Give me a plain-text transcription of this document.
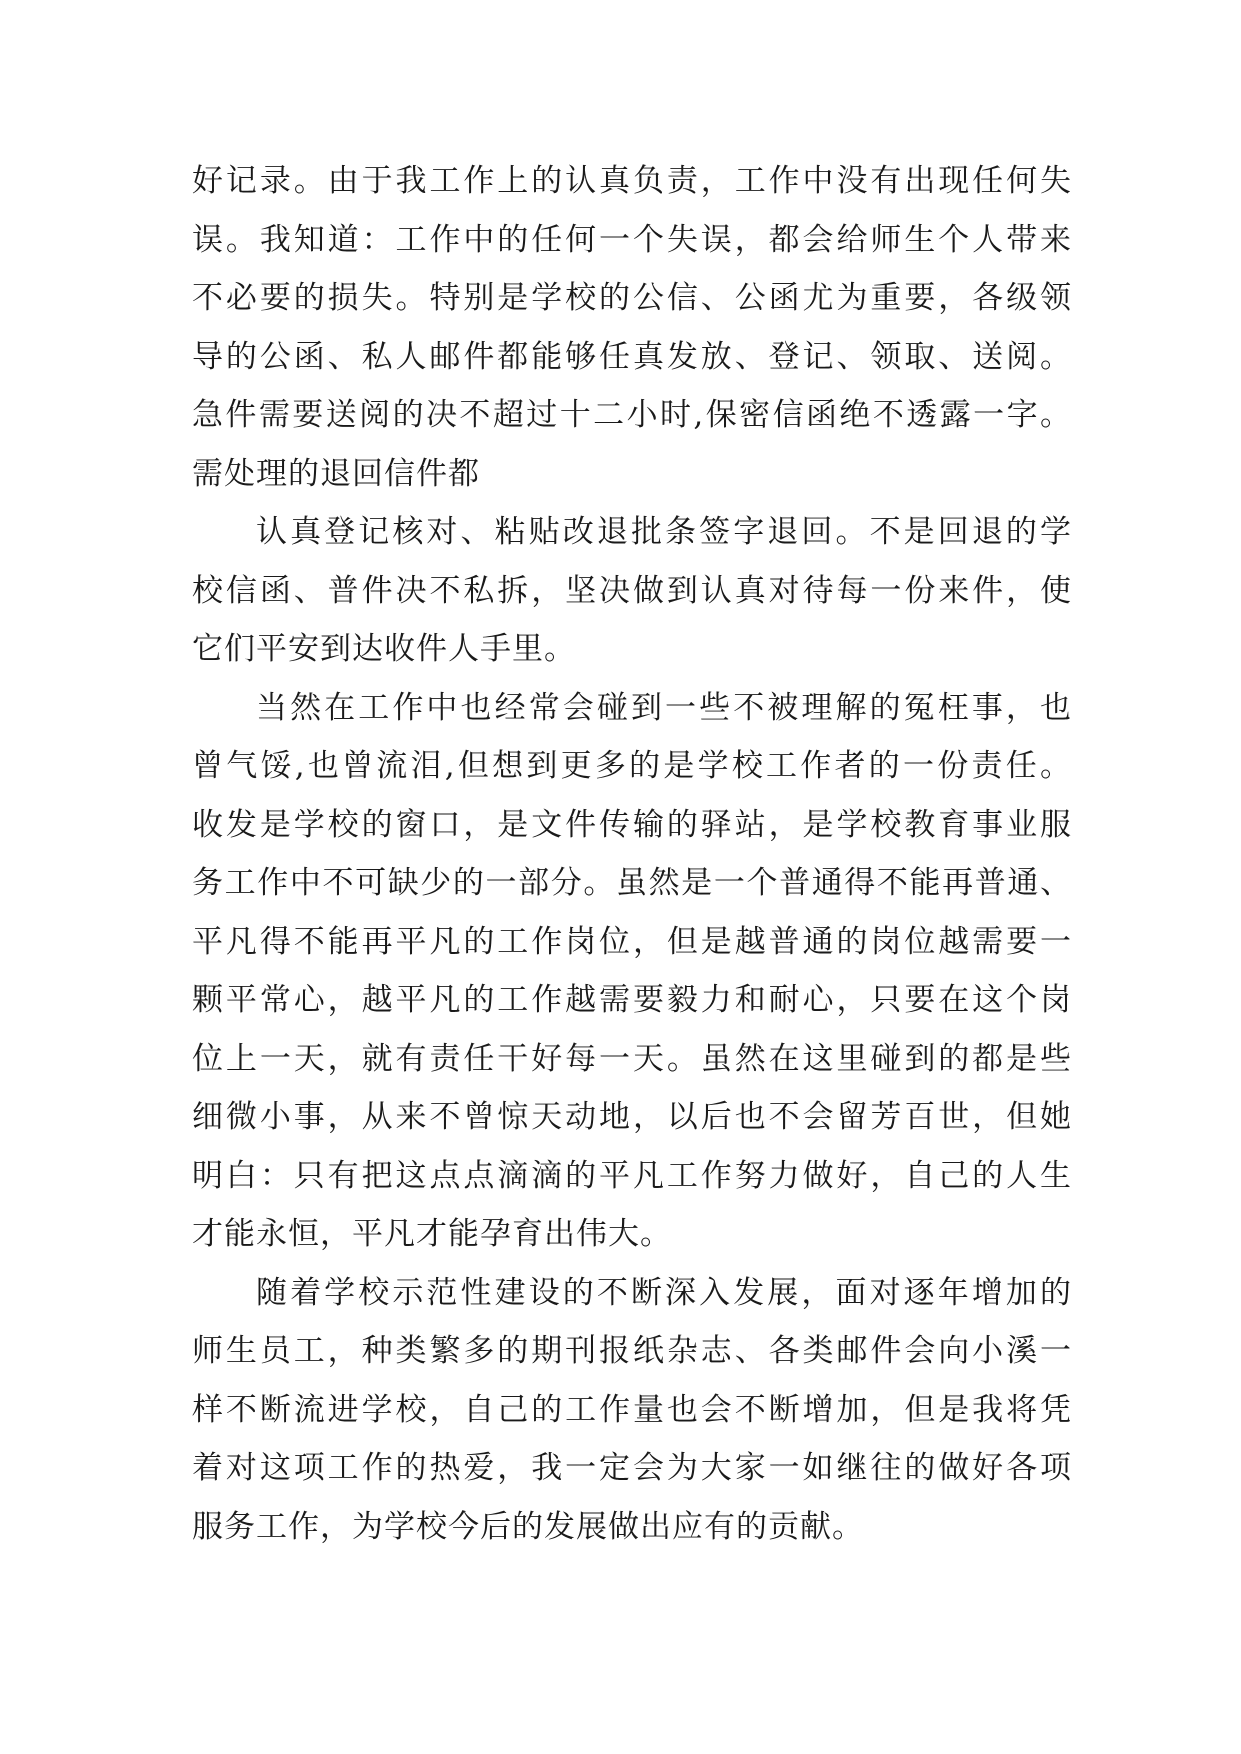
好记录。由于我工作上的认真负责，工作中没有出现任何失
误。我知道：工作中的任何一个失误，都会给师生个人带来
不必要的损失。特别是学校的公信、公函尤为重要，各级领
导的公函、私人邮件都能够任真发放、登记、领取、送阅。
急件需要送阅的决不超过十二小时,保密信函绝不透露一字。
需处理的退回信件都
认真登记核对、粘贴改退批条签字退回。不是回退的学
校信函、普件决不私拆，坚决做到认真对待每一份来件，使
它们平安到达收件人手里。
当然在工作中也经常会碰到一些不被理解的冤枉事，也
曾气馁,也曾流泪,但想到更多的是学校工作者的一份责任。
收发是学校的窗口，是文件传输的驿站，是学校教育事业服
务工作中不可缺少的一部分。虽然是一个普通得不能再普通、
平凡得不能再平凡的工作岗位，但是越普通的岗位越需要一
颗平常心，越平凡的工作越需要毅力和耐心，只要在这个岗
位上一天，就有责任干好每一天。虽然在这里碰到的都是些
细微小事，从来不曾惊天动地，以后也不会留芳百世，但她
明白：只有把这点点滴滴的平凡工作努力做好，自己的人生
才能永恒，平凡才能孕育出伟大。
随着学校示范性建设的不断深入发展，面对逐年增加的
师生员工，种类繁多的期刊报纸杂志、各类邮件会向小溪一
样不断流进学校，自己的工作量也会不断增加，但是我将凭
着对这项工作的热爱，我一定会为大家一如继往的做好各项
服务工作，为学校今后的发展做出应有的贡献。
